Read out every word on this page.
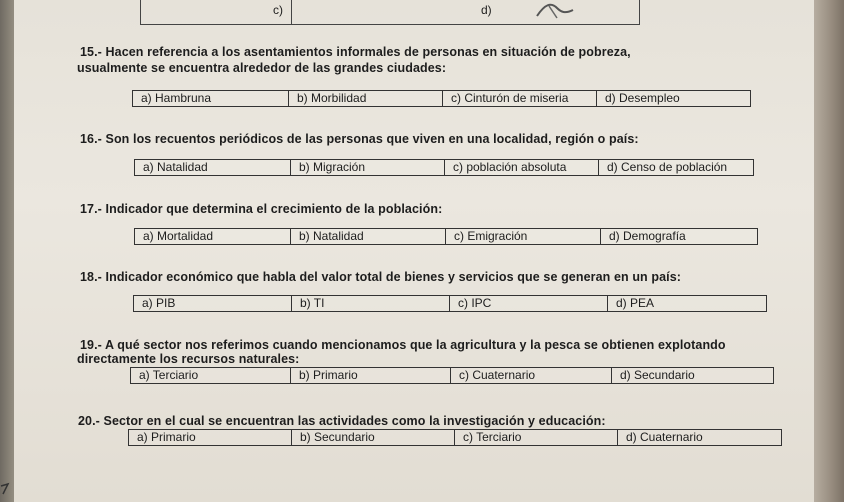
c)	d)
15.- Hacen referencia a los asentamientos informales de personas en situación de pobreza,
usualmente se encuentra alrededor de las grandes ciudades:
a) Hambruna	b) Morbilidad	c) Cinturón de miseria	d) Desempleo
16.- Son los recuentos periódicos de las personas que viven en una localidad, región o país:
a) Natalidad	b) Migración	c) población absoluta	d) Censo de población
17.- Indicador que determina el crecimiento de la población:
a) Mortalidad	b) Natalidad	c) Emigración	d) Demografía
18.- Indicador económico que habla del valor total de bienes y servicios que se generan en un país:
a) PIB	b) TI	c) IPC	d) PEA
19.- A qué sector nos referimos cuando mencionamos que la agricultura y la pesca se obtienen explotando
directamente los recursos naturales:
a) Terciario	b) Primario	c) Cuaternario	d) Secundario
20.- Sector en el cual se encuentran las actividades como la investigación y educación:
a) Primario	b) Secundario	c) Terciario	d) Cuaternario
